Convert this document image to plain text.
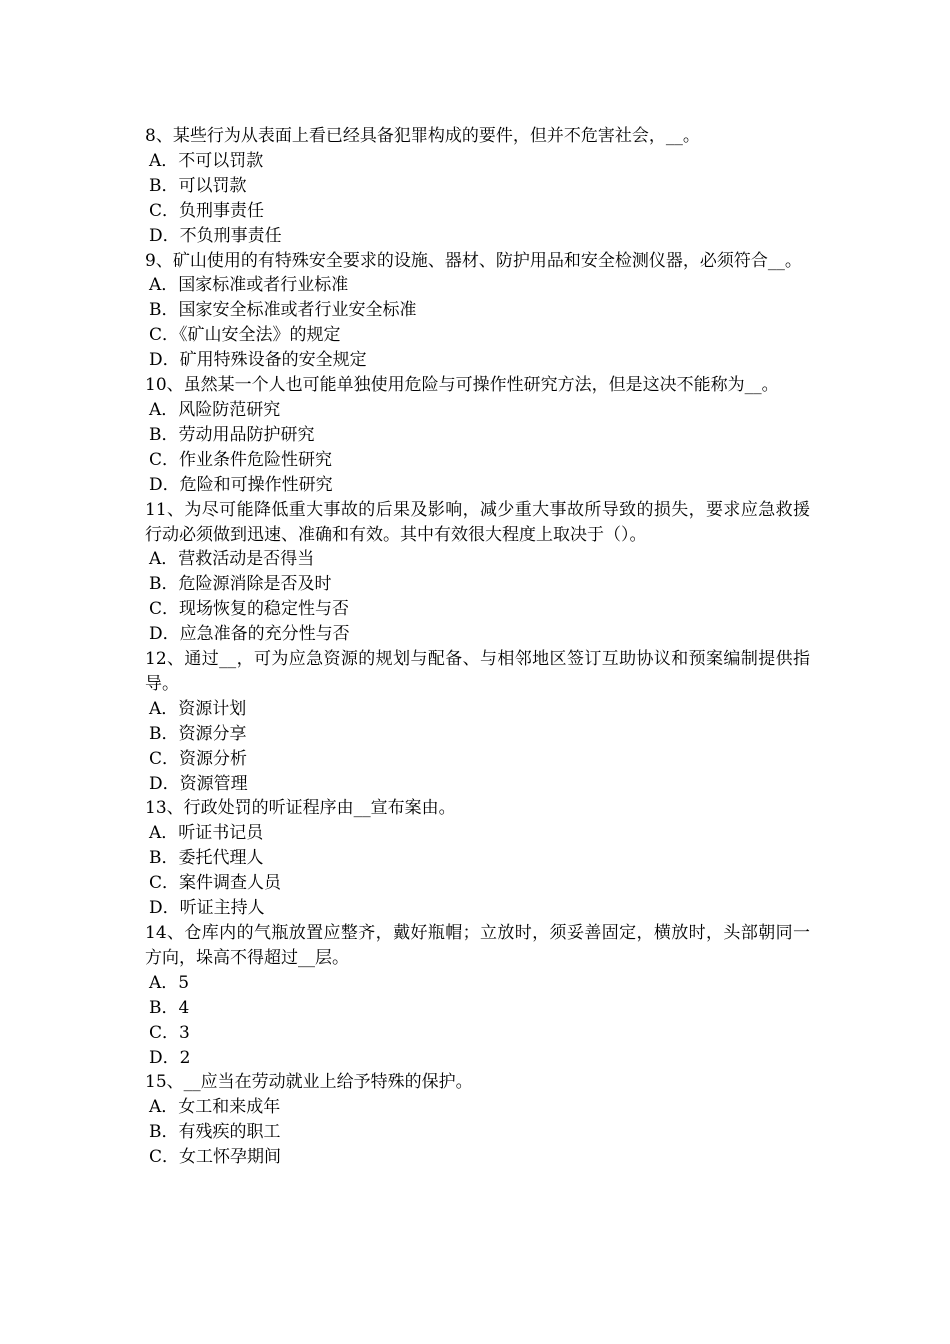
8、某些行为从表面上看已经具备犯罪构成的要件，但并不危害社会，__。

A．不可以罚款

B．可以罚款

C．负刑事责任

D．不负刑事责任

9、矿山使用的有特殊安全要求的设施、器材、防护用品和安全检测仪器，必须符合__。

A．国家标准或者行业标准

B．国家安全标准或者行业安全标准

C．《矿山安全法》的规定

D．矿用特殊设备的安全规定

10、虽然某一个人也可能单独使用危险与可操作性研究方法，但是这决不能称为__。

A．风险防范研究

B．劳动用品防护研究

C．作业条件危险性研究

D．危险和可操作性研究

11、为尽可能降低重大事故的后果及影响，减少重大事故所导致的损失，要求应急救援行动必须做到迅速、准确和有效。其中有效很大程度上取决于（）。

A．营救活动是否得当

B．危险源消除是否及时

C．现场恢复的稳定性与否

D．应急准备的充分性与否

12、通过__，可为应急资源的规划与配备、与相邻地区签订互助协议和预案编制提供指导。

A．资源计划

B．资源分享

C．资源分析

D．资源管理

13、行政处罚的听证程序由__宣布案由。

A．听证书记员

B．委托代理人

C．案件调查人员

D．听证主持人

14、仓库内的气瓶放置应整齐，戴好瓶帽；立放时，须妥善固定，横放时，头部朝同一方向，垛高不得超过__层。

A．5

B．4

C．3

D．2

15、__应当在劳动就业上给予特殊的保护。

A．女工和来成年

B．有残疾的职工

C．女工怀孕期间
